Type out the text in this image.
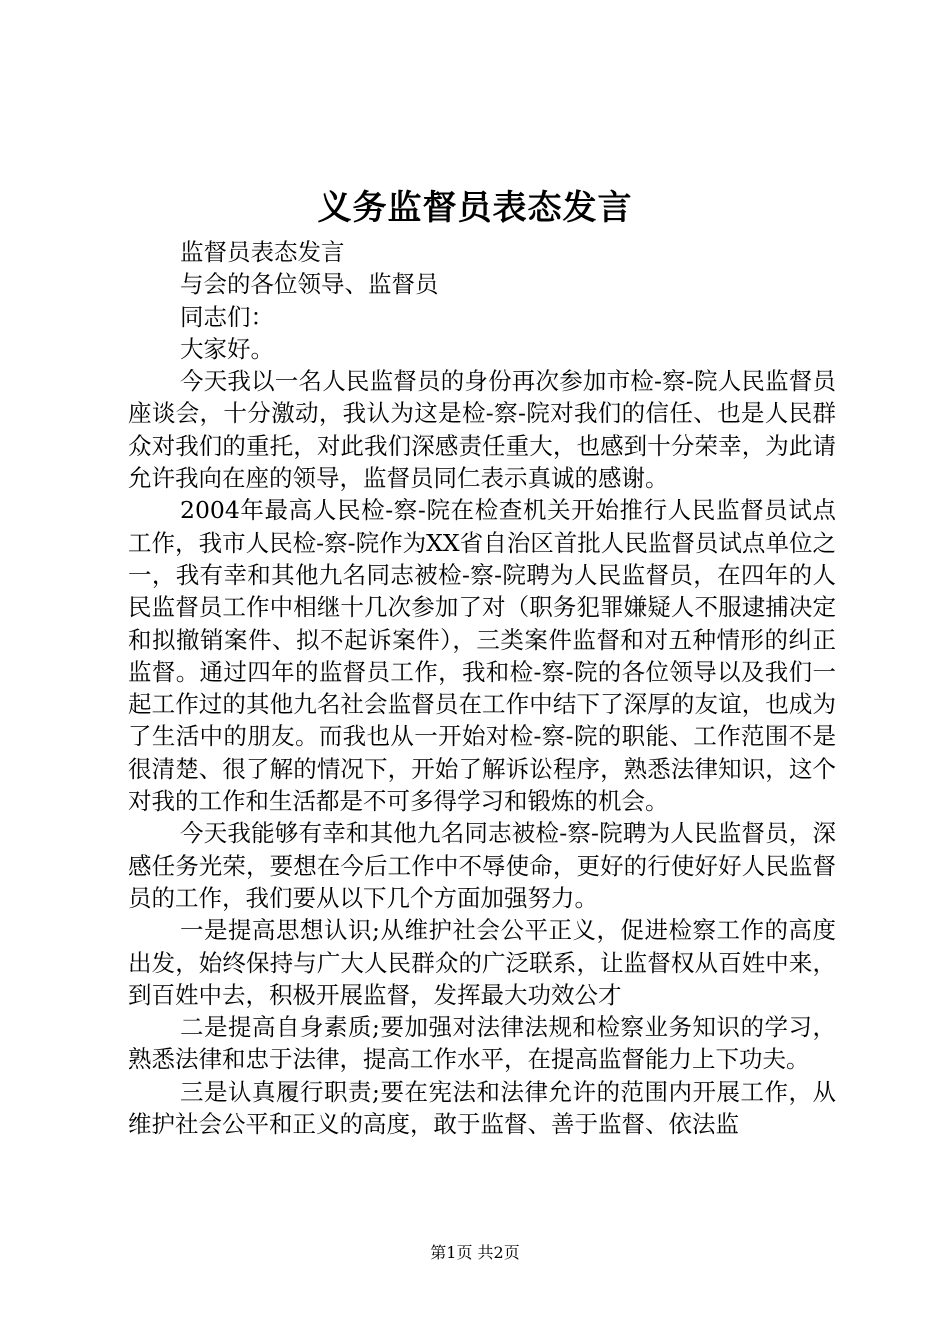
义务监督员表态发言

监督员表态发言

与会的各位领导、监督员

同志们：

大家好。

今天我以一名人民监督员的身份再次参加市检-察-院人民监督员座谈会，十分激动，我认为这是检-察-院对我们的信任、也是人民群众对我们的重托，对此我们深感责任重大，也感到十分荣幸，为此请允许我向在座的领导，监督员同仁表示真诚的感谢。

2004年最高人民检-察-院在检查机关开始推行人民监督员试点工作，我市人民检-察-院作为XX省自治区首批人民监督员试点单位之一，我有幸和其他九名同志被检-察-院聘为人民监督员，在四年的人民监督员工作中相继十几次参加了对（职务犯罪嫌疑人不服逮捕决定和拟撤销案件、拟不起诉案件），三类案件监督和对五种情形的纠正监督。通过四年的监督员工作，我和检-察-院的各位领导以及我们一起工作过的其他九名社会监督员在工作中结下了深厚的友谊，也成为了生活中的朋友。而我也从一开始对检-察-院的职能、工作范围不是很清楚、很了解的情况下，开始了解诉讼程序，熟悉法律知识，这个对我的工作和生活都是不可多得学习和锻炼的机会。

今天我能够有幸和其他九名同志被检-察-院聘为人民监督员，深感任务光荣，要想在今后工作中不辱使命，更好的行使好好人民监督员的工作，我们要从以下几个方面加强努力。

一是提高思想认识;从维护社会公平正义，促进检察工作的高度出发，始终保持与广大人民群众的广泛联系，让监督权从百姓中来，到百姓中去，积极开展监督，发挥最大功效公才

二是提高自身素质;要加强对法律法规和检察业务知识的学习，熟悉法律和忠于法律，提高工作水平，在提高监督能力上下功夫。

三是认真履行职责;要在宪法和法律允许的范围内开展工作，从维护社会公平和正义的高度，敢于监督、善于监督、依法监

第1页 共2页
